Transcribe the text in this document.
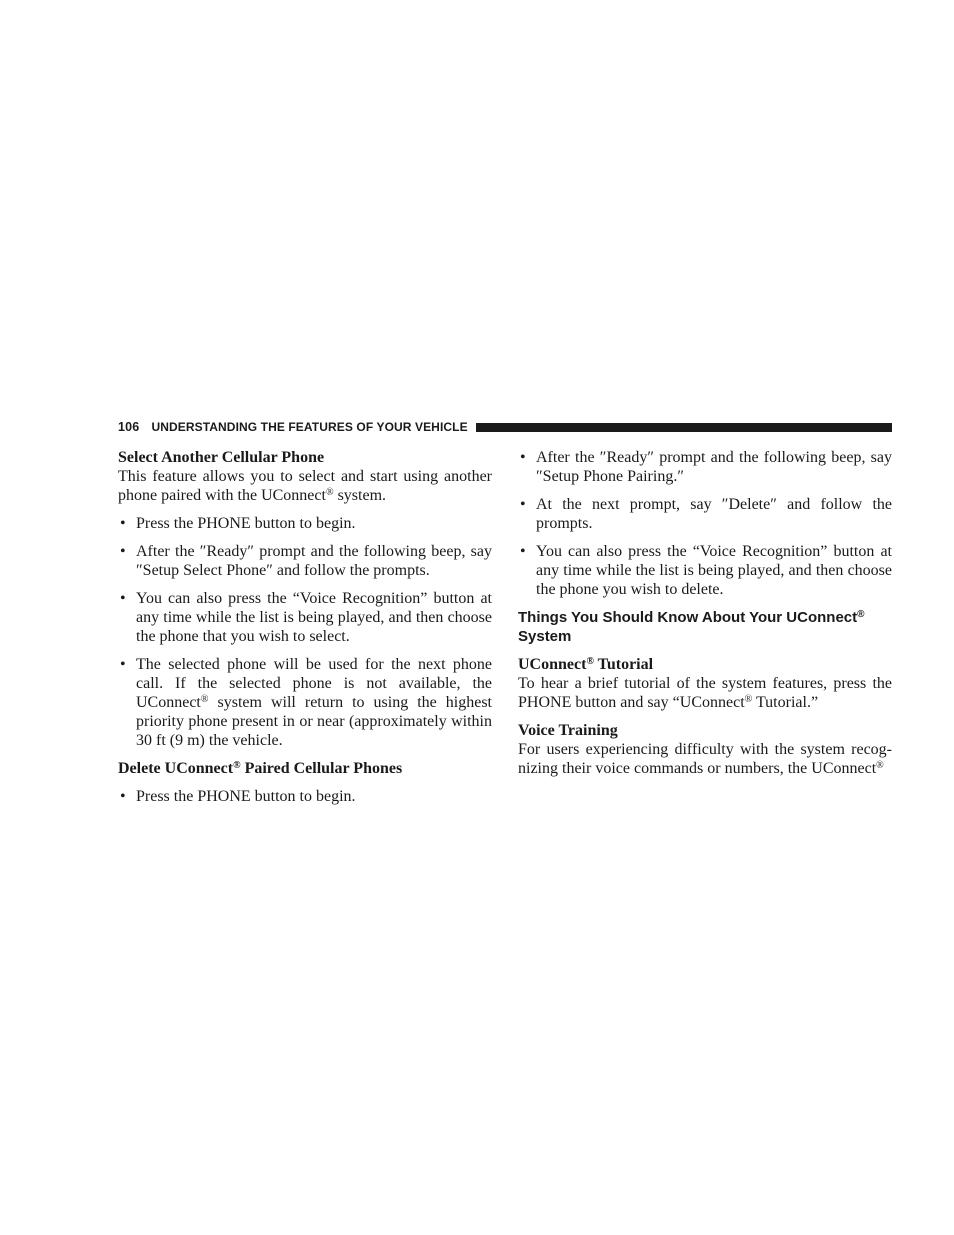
106 UNDERSTANDING THE FEATURES OF YOUR VEHICLE

Select Another Cellular Phone

This feature allows you to select and start using another phone paired with the UConnect® system.

• Press the PHONE button to begin.
• After the ″Ready″ prompt and the following beep, say ″Setup Select Phone″ and follow the prompts.
• You can also press the “Voice Recognition” button at any time while the list is being played, and then choose the phone that you wish to select.
• The selected phone will be used for the next phone call. If the selected phone is not available, the UConnect® system will return to using the highest priority phone present in or near (approximately within 30 ft (9 m) the vehicle.

Delete UConnect® Paired Cellular Phones

• Press the PHONE button to begin.
• After the ″Ready″ prompt and the following beep, say ″Setup Phone Pairing.″
• At the next prompt, say ″Delete″ and follow the prompts.
• You can also press the “Voice Recognition” button at any time while the list is being played, and then choose the phone you wish to delete.

Things You Should Know About Your UConnect®
System

UConnect® Tutorial

To hear a brief tutorial of the system features, press the PHONE button and say “UConnect® Tutorial.”

Voice Training

For users experiencing difficulty with the system recog-nizing their voice commands or numbers, the UConnect®
